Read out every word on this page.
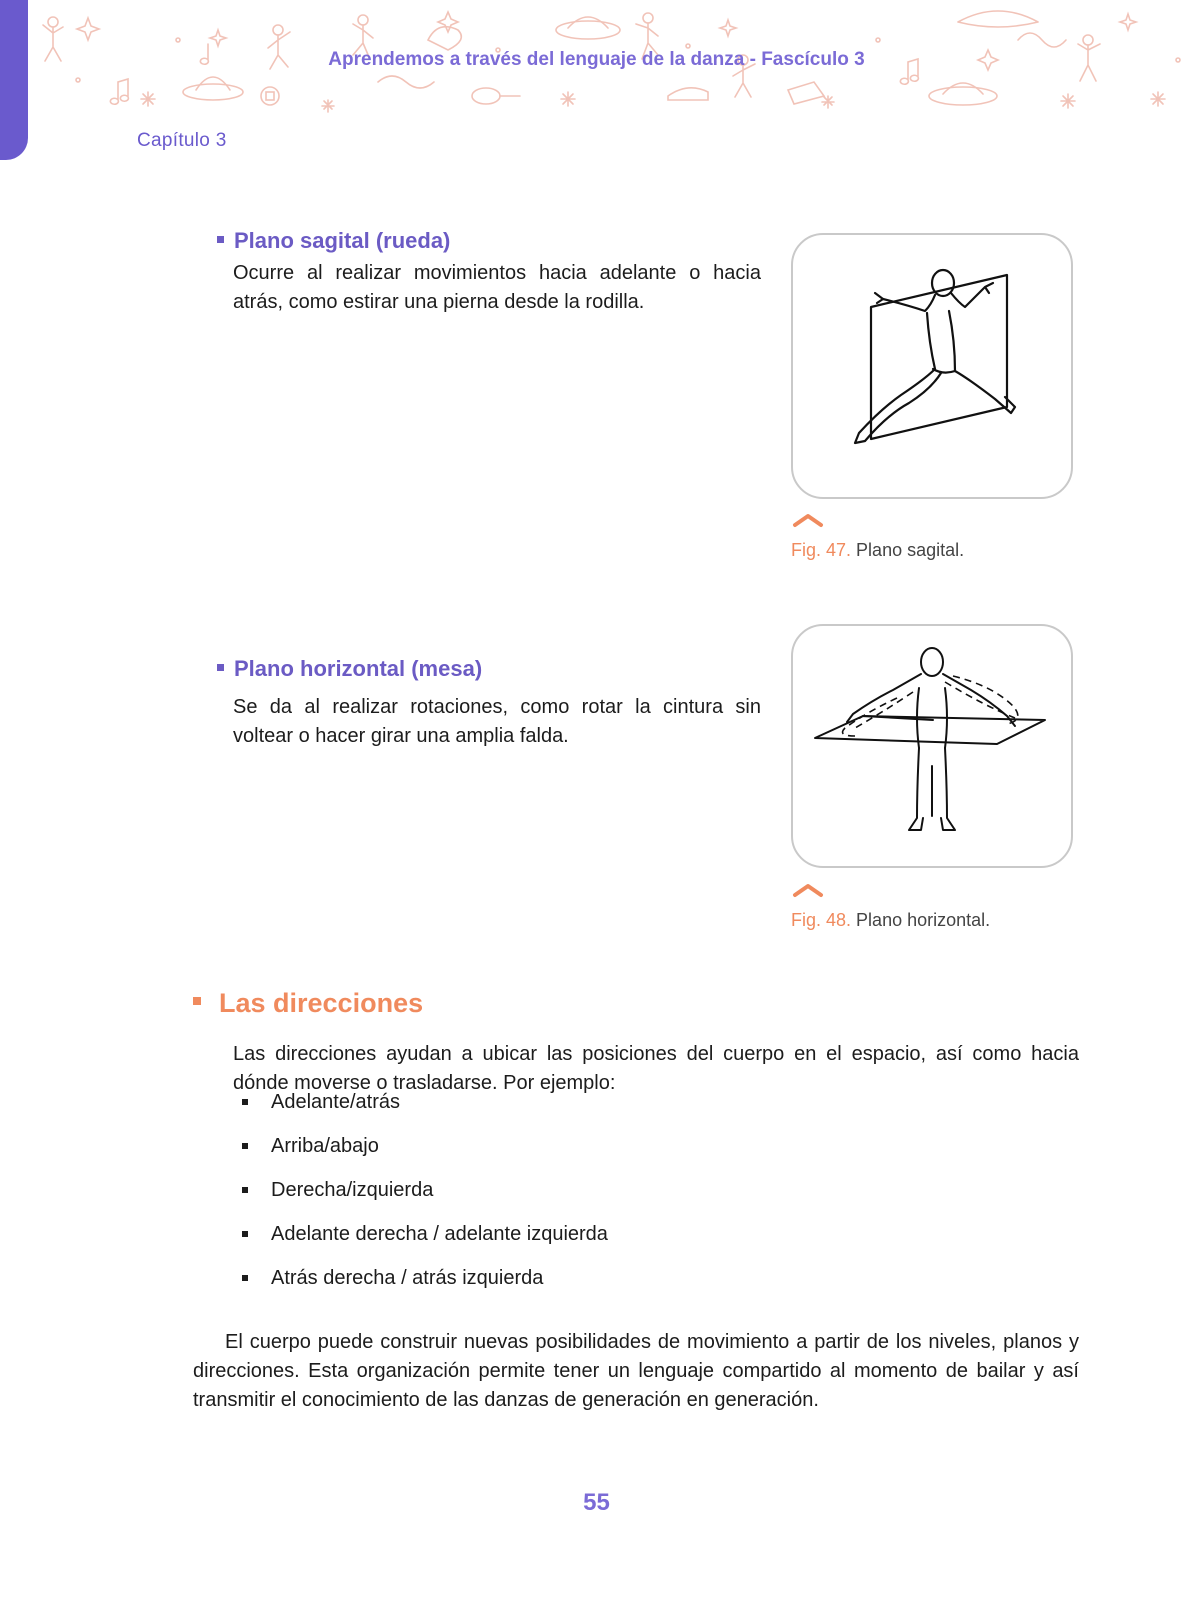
Aprendemos a través del lenguaje de la danza - Fascículo 3
Capítulo 3
Plano sagital (rueda)
Ocurre al realizar movimientos hacia adelante o hacia atrás, como estirar una pierna desde la rodilla.
Fig. 47. Plano sagital.
Plano horizontal (mesa)
Se da al realizar rotaciones, como rotar la cintura sin voltear o hacer girar una amplia falda.
Fig. 48. Plano horizontal.
Las direcciones
Las direcciones ayudan a ubicar las posiciones del cuerpo en el espacio, así como hacia dónde moverse o trasladarse. Por ejemplo:
Adelante/atrás
Arriba/abajo
Derecha/izquierda
Adelante derecha / adelante izquierda
Atrás derecha / atrás izquierda
El cuerpo puede construir nuevas posibilidades de movimiento a partir de los niveles, planos y direcciones. Esta organización permite tener un lenguaje compartido al momento de bailar y así transmitir el conocimiento de las danzas de generación en generación.
55
